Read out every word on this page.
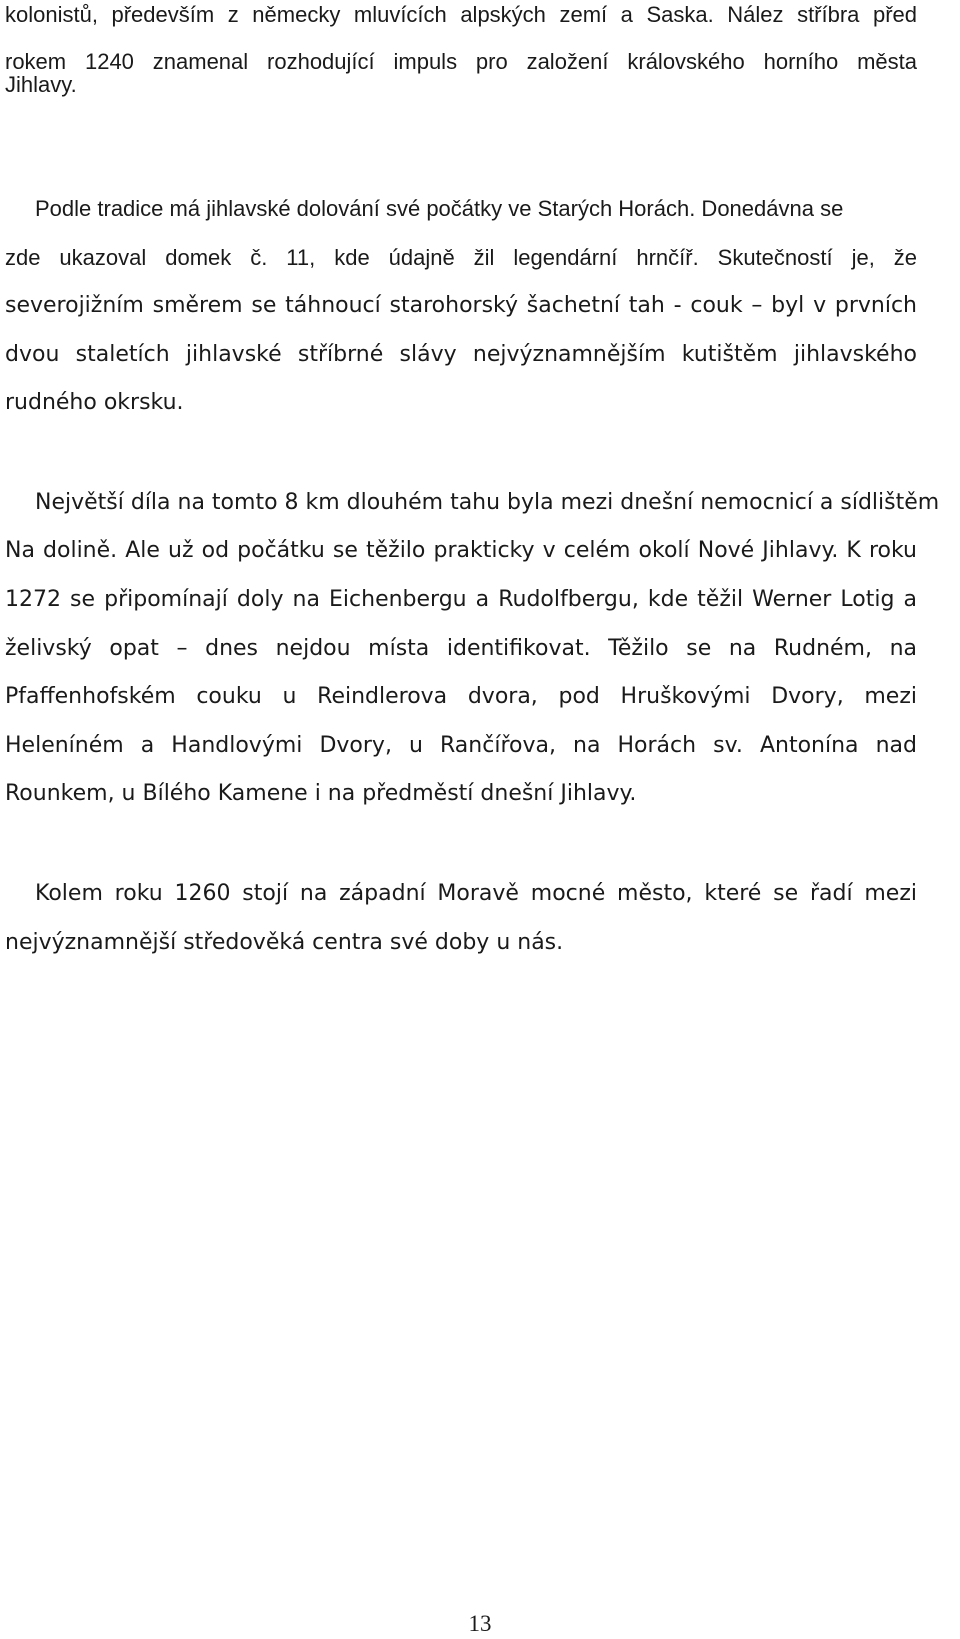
kolonistů, především z německy mluvících alpských zemí a Saska. Nález stříbra před
rokem 1240 znamenal rozhodující impuls pro založení královského horního města
Jihlavy.
Podle tradice má jihlavské dolování své počátky ve Starých Horách. Donedávna se
zde ukazoval domek č. 11, kde údajně žil legendární hrnčíř. Skutečností je, že
severojižním směrem se táhnoucí starohorský šachetní tah - couk – byl v prvních
dvou staletích jihlavské stříbrné slávy nejvýznamnějším kutištěm jihlavského
rudného okrsku.
Největší díla na tomto 8 km dlouhém tahu byla mezi dnešní nemocnicí a sídlištěm
Na dolině. Ale už od počátku se těžilo prakticky v celém okolí Nové Jihlavy. K roku
1272 se připomínají doly na Eichenbergu a Rudolfbergu, kde těžil Werner Lotig a
želivský opat – dnes nejdou místa identifikovat. Těžilo se na Rudném, na
Pfaffenhofském couku u Reindlerova dvora, pod Hruškovými Dvory, mezi
Heleníném a Handlovými Dvory, u Rančířova, na Horách sv. Antonína nad
Rounkem, u Bílého Kamene i na předměstí dnešní Jihlavy.
Kolem roku 1260 stojí na západní Moravě mocné město, které se řadí mezi
nejvýznamnější středověká centra své doby u nás.
13
